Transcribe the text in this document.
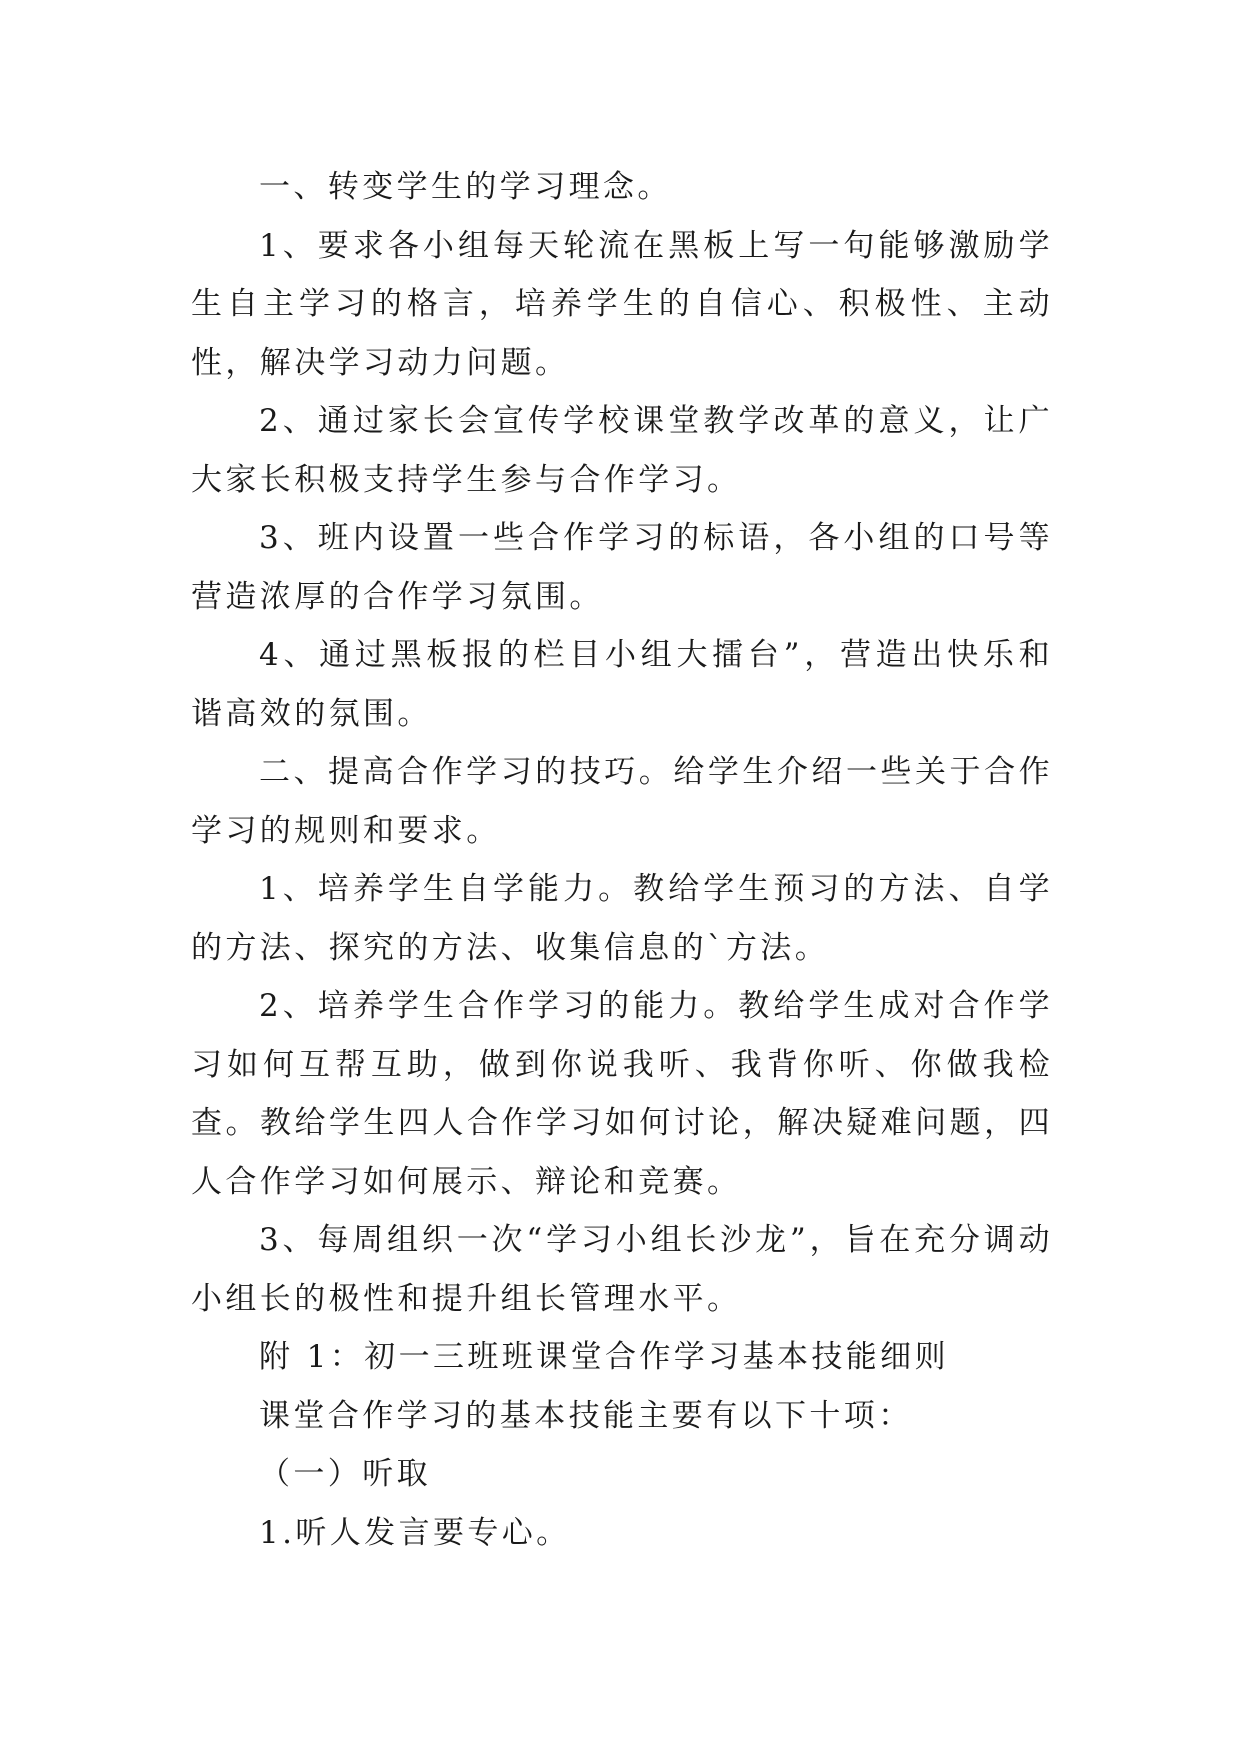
一、转变学生的学习理念。

1、要求各小组每天轮流在黑板上写一句能够激励学生自主学习的格言，培养学生的自信心、积极性、主动性，解决学习动力问题。

2、通过家长会宣传学校课堂教学改革的意义，让广大家长积极支持学生参与合作学习。

3、班内设置一些合作学习的标语，各小组的口号等营造浓厚的合作学习氛围。

4、通过黑板报的栏目小组大擂台”，营造出快乐和谐高效的氛围。

二、提高合作学习的技巧。给学生介绍一些关于合作学习的规则和要求。

1、培养学生自学能力。教给学生预习的方法、自学的方法、探究的方法、收集信息的`方法。

2、培养学生合作学习的能力。教给学生成对合作学习如何互帮互助，做到你说我听、我背你听、你做我检查。教给学生四人合作学习如何讨论，解决疑难问题，四人合作学习如何展示、辩论和竞赛。

3、每周组织一次“学习小组长沙龙”，旨在充分调动小组长的极性和提升组长管理水平。

附 1：初一三班班课堂合作学习基本技能细则

课堂合作学习的基本技能主要有以下十项：

（一）听取

1.听人发言要专心。
